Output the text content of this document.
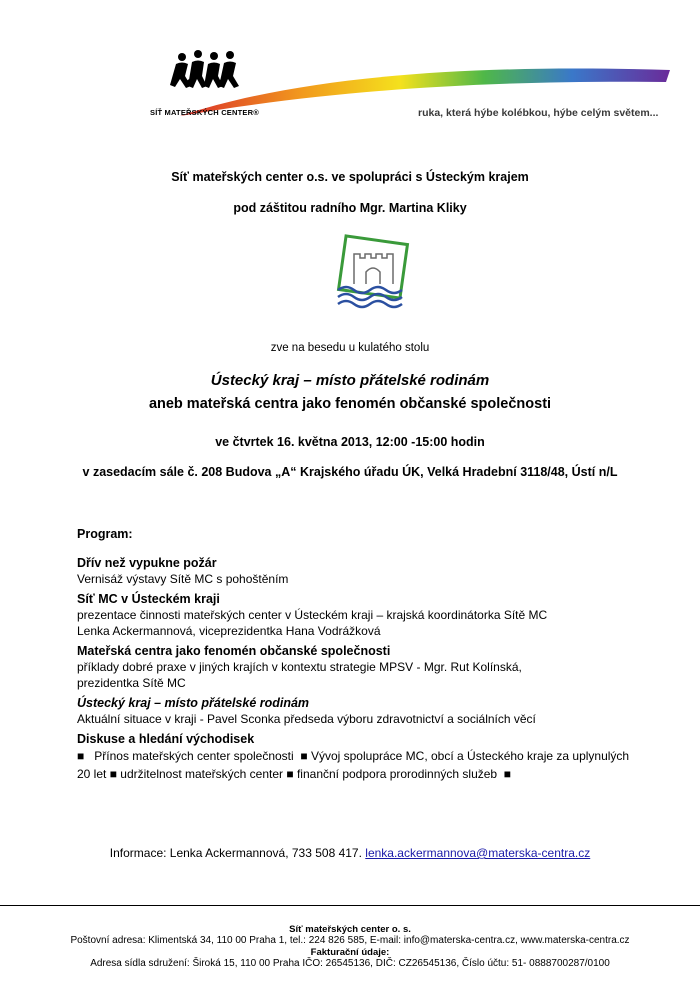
SÍŤ MATEŘSKÝCH CENTER®	ruka, která hýbe kolébkou, hýbe celým světem...
Síť mateřských center o.s. ve spolupráci s Ústeckým krajem
pod záštitou radního Mgr. Martina Kliky
zve na besedu u kulatého stolu
Ústecký kraj – místo přátelské rodinám
aneb mateřská centra jako fenomén občanské společnosti
ve čtvrtek 16. května 2013, 12:00 -15:00 hodin
v zasedacím sále č. 208 Budova „A“ Krajského úřadu ÚK, Velká Hradební 3118/48, Ústí n/L
Program:
Dřív než vypukne požár
Vernisáž výstavy Sítě MC s pohoštěním
Síť MC v Ústeckém kraji
prezentace činnosti mateřských center v Ústeckém kraji – krajská koordinátorka Sítě MC
Lenka Ackermannová, viceprezidentka Hana Vodrážková
Mateřská centra jako fenomén občanské společnosti
příklady dobré praxe v jiných krajích v kontextu strategie MPSV - Mgr. Rut Kolínská,
prezidentka Sítě MC
Ústecký kraj – místo přátelské rodinám
Aktuální situace v kraji - Pavel Sconka předseda výboru zdravotnictví a sociálních věcí
Diskuse a hledání východisek
■ Přínos mateřských center společnosti ■ Vývoj spolupráce MC, obcí a Ústeckého kraje za uplynulých 20 let ■ udržitelnost mateřských center ■ finanční podpora prorodinných služeb ■
Informace: Lenka Ackermannová, 733 508 417. lenka.ackermannova@materska-centra.cz
Síť mateřských center o. s.
Poštovní adresa: Klimentská 34, 110 00 Praha 1, tel.: 224 826 585, E-mail: info@materska-centra.cz, www.materska-centra.cz
Fakturační údaje:
Adresa sídla sdružení: Široká 15, 110 00 Praha IČO: 26545136, DIČ: CZ26545136, Číslo účtu: 51- 0888700287/0100
